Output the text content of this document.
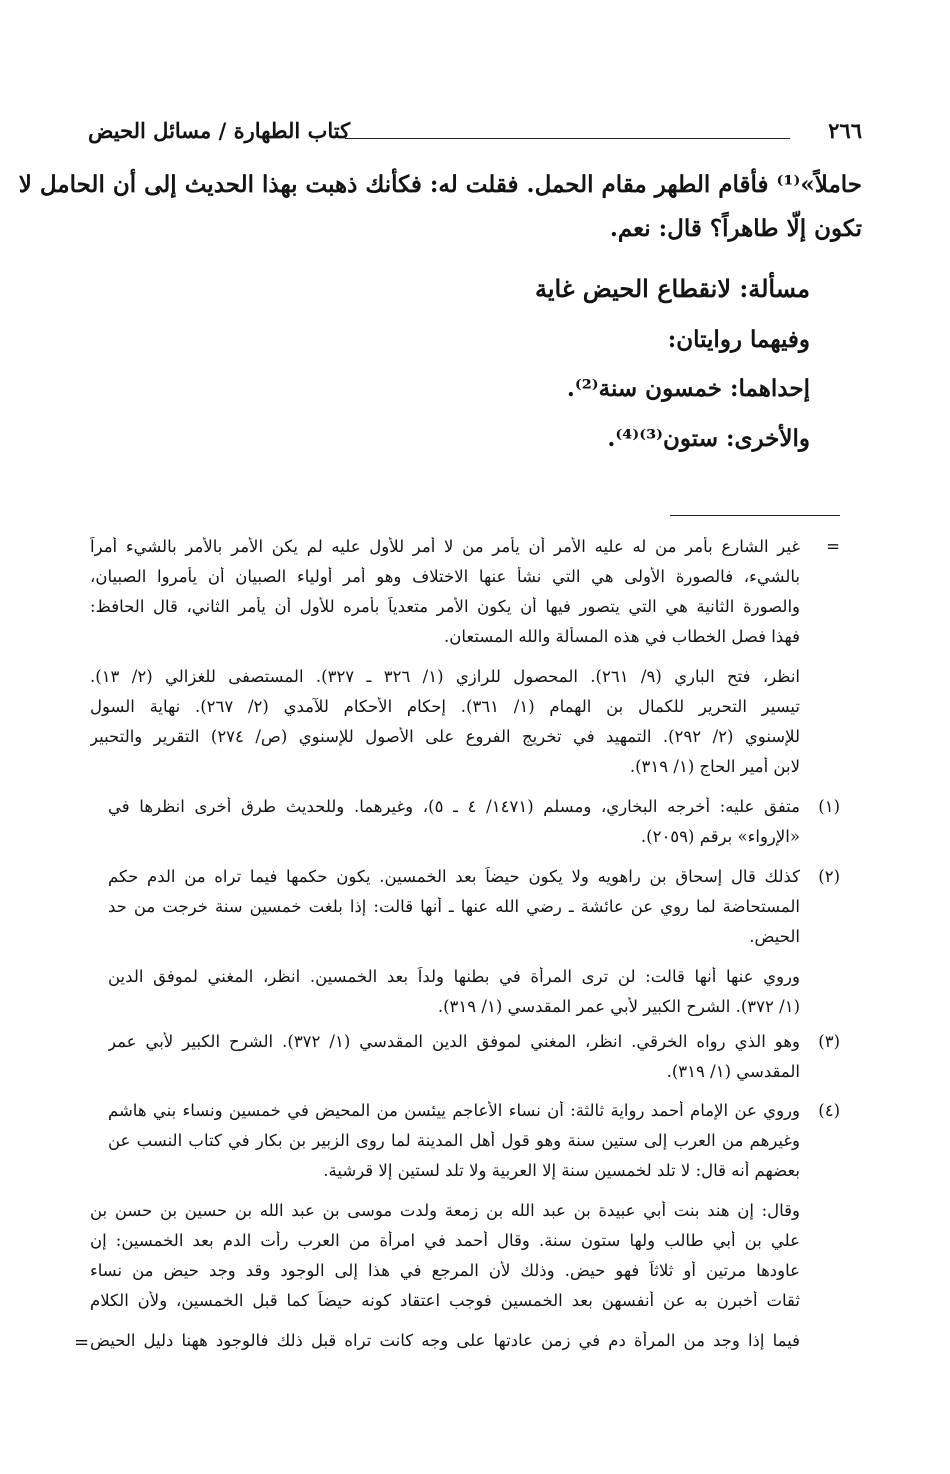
٢٦٦
كتاب الطهارة / مسائل الحيض
حاملاً»⁽¹⁾ فأقام الطهر مقام الحمل. فقلت له: فكأنك ذهبت بهذا الحديث إلى أن الحامل لا
تكون إلّا طاهراً؟ قال: نعم.
مسألة: لانقطاع الحيض غاية
وفيهما روايتان:
إحداهما: خمسون سنة⁽²⁾.
والأخرى: ستون⁽³⁾⁽⁴⁾.
=
غير الشارع بأمر من له عليه الأمر أن يأمر من لا أمر للأول عليه لم يكن الأمر بالأمر بالشيء أمراً
بالشيء، فالصورة الأولى هي التي نشأ عنها الاختلاف وهو أمر أولياء الصبيان أن يأمروا الصبيان،
والصورة الثانية هي التي يتصور فيها أن يكون الأمر متعدياً بأمره للأول أن يأمر الثاني، قال الحافظ:
فهذا فصل الخطاب في هذه المسألة والله المستعان.
انظر، فتح الباري (٩/ ٢٦١). المحصول للرازي (١/ ٣٢٦ ـ ٣٢٧). المستصفى للغزالي (٢/ ١٣).
تيسير التحرير للكمال بن الهمام (١/ ٣٦١). إحكام الأحكام للآمدي (٢/ ٢٦٧). نهاية السول
للإسنوي (٢/ ٢٩٢). التمهيد في تخريج الفروع على الأصول للإسنوي (ص/ ٢٧٤) التقرير والتحبير
لابن أمير الحاج (١/ ٣١٩).
(١)
متفق عليه: أخرجه البخاري، ومسلم (١٤٧١/ ٤ ـ ٥)، وغيرهما. وللحديث طرق أخرى انظرها في
«الإرواء» برقم (٢٠٥٩).
(٢)
كذلك قال إسحاق بن راهويه ولا يكون حيضاً بعد الخمسين. يكون حكمها فيما تراه من الدم حكم
المستحاضة لما روي عن عائشة ـ رضي الله عنها ـ أنها قالت: إذا بلغت خمسين سنة خرجت من حد
الحيض.
وروي عنها أنها قالت: لن ترى المرأة في بطنها ولداً بعد الخمسين. انظر، المغني لموفق الدين
(١/ ٣٧٢). الشرح الكبير لأبي عمر المقدسي (١/ ٣١٩).
(٣)
وهو الذي رواه الخرقي. انظر، المغني لموفق الدين المقدسي (١/ ٣٧٢). الشرح الكبير لأبي عمر
المقدسي (١/ ٣١٩).
(٤)
وروي عن الإمام أحمد رواية ثالثة: أن نساء الأعاجم ييئسن من المحيض في خمسين ونساء بني هاشم
وغيرهم من العرب إلى ستين سنة وهو قول أهل المدينة لما روى الزبير بن بكار في كتاب النسب عن
بعضهم أنه قال: لا تلد لخمسين سنة إلا العربية ولا تلد لستين إلا قرشية.
وقال: إن هند بنت أبي عبيدة بن عبد الله بن زمعة ولدت موسى بن عبد الله بن حسين بن حسن بن
علي بن أبي طالب ولها ستون سنة. وقال أحمد في امرأة من العرب رأت الدم بعد الخمسين: إن
عاودها مرتين أو ثلاثاً فهو حيض. وذلك لأن المرجع في هذا إلى الوجود وقد وجد حيض من نساء
ثقات أخبرن به عن أنفسهن بعد الخمسين فوجب اعتقاد كونه حيضاً كما قبل الخمسين، ولأن الكلام
فيما إذا وجد من المرأة دم في زمن عادتها على وجه كانت تراه قبل ذلك فالوجود ههنا دليل الحيض
=
